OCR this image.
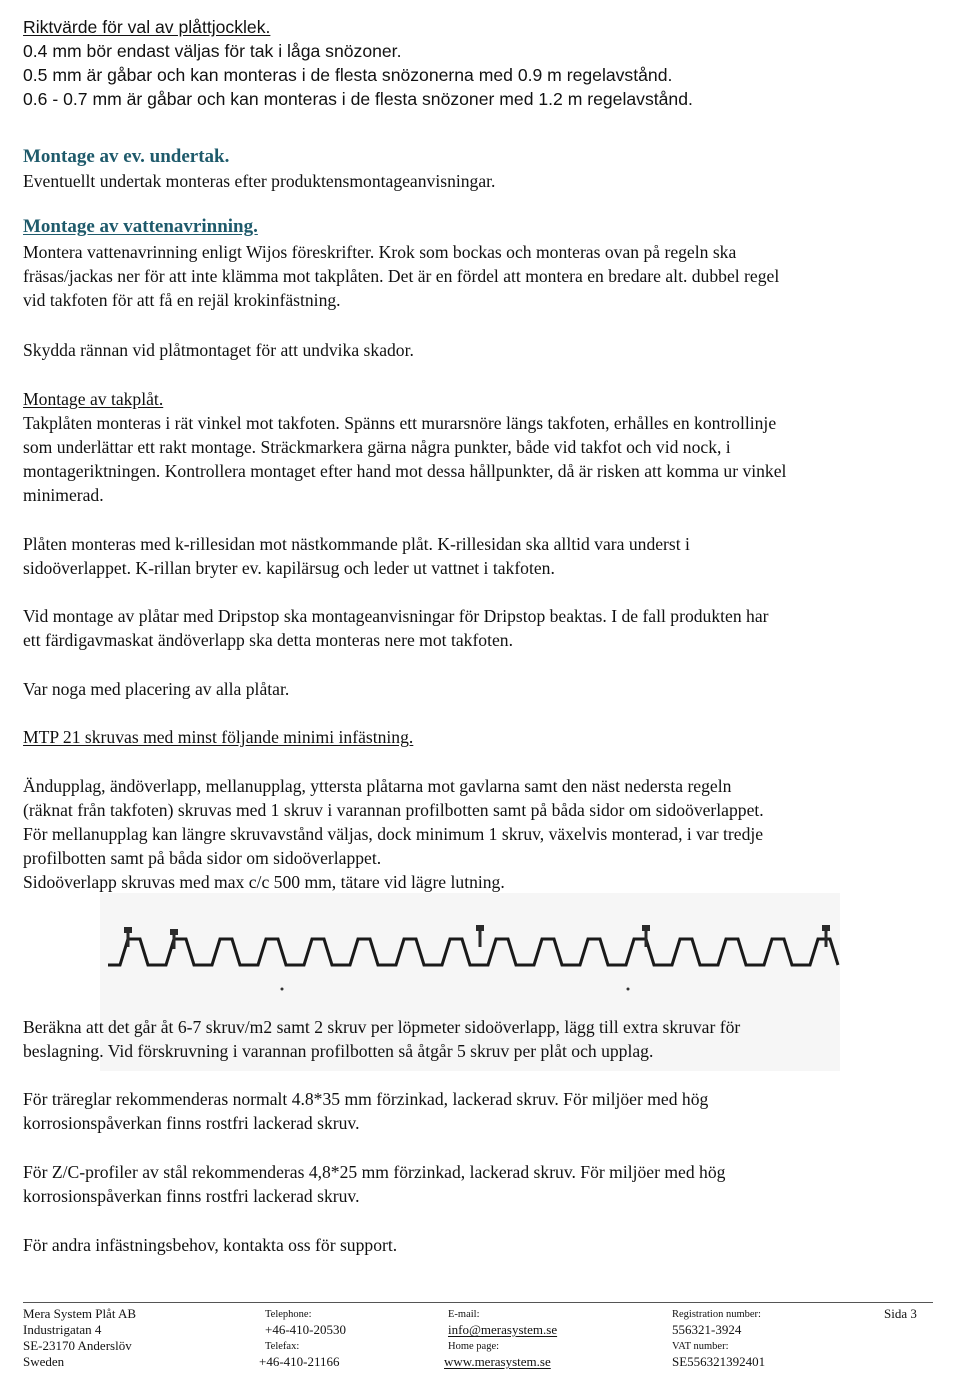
Riktvärde för val av plåttjocklek.
0.4 mm bör endast väljas för tak i låga snözoner.
0.5 mm är gåbar och kan monteras i de flesta snözonerna med 0.9 m regelavstånd.
0.6 - 0.7 mm är gåbar och kan monteras i de flesta snözoner med 1.2 m regelavstånd.
Montage av ev. undertak.
Eventuellt undertak monteras efter produktensmontageanvisningar.
Montage av vattenavrinning.
Montera vattenavrinning enligt Wijos föreskrifter. Krok som bockas och monteras ovan på regeln ska
fräsas/jackas ner för att inte klämma mot takplåten. Det är en fördel att montera en bredare alt. dubbel regel
vid takfoten för att få en rejäl krokinfästning.
Skydda rännan vid plåtmontaget för att undvika skador.
Montage av takplåt.
Takplåten monteras i rät vinkel mot takfoten. Spänns ett murarsnöre längs takfoten, erhålles en kontrollinje
som underlättar ett rakt montage. Sträckmarkera gärna några punkter, både vid takfot och vid nock, i
montageriktningen. Kontrollera montaget efter hand mot dessa hållpunkter, då är risken att komma ur vinkel
minimerad.
Plåten monteras med k-rillesidan mot nästkommande plåt. K-rillesidan ska alltid vara underst i
sidoöverlappet. K-rillan bryter ev. kapilärsug och leder ut vattnet i takfoten.
Vid montage av plåtar med Dripstop ska montageanvisningar för Dripstop beaktas. I de fall produkten har
ett färdigavmaskat ändöverlapp ska detta monteras nere mot takfoten.
Var noga med placering av alla plåtar.
MTP 21 skruvas med minst följande minimi infästning.
Ändupplag, ändöverlapp, mellanupplag, yttersta plåtarna mot gavlarna samt den näst nedersta regeln
(räknat från takfoten) skruvas med 1 skruv i varannan profilbotten samt på båda sidor om sidoöverlappet.
För mellanupplag kan längre skruvavstånd väljas, dock minimum 1 skruv, växelvis monterad, i var tredje
profilbotten samt på båda sidor om sidoöverlappet.
Sidoöverlapp skruvas med max c/c 500 mm, tätare vid lägre lutning.
Beräkna att det går åt 6-7 skruv/m2 samt 2 skruv per löpmeter sidoöverlapp, lägg till extra skruvar för
beslagning. Vid förskruvning i varannan profilbotten så åtgår 5 skruv per plåt och upplag.
För träreglar rekommenderas normalt 4.8*35 mm förzinkad, lackerad skruv. För miljöer med hög
korrosionspåverkan finns rostfri lackerad skruv.
För Z/C-profiler av stål rekommenderas 4,8*25 mm förzinkad, lackerad skruv. För miljöer med hög
korrosionspåverkan finns rostfri lackerad skruv.
För andra infästningsbehov, kontakta oss för support.
Mera System Plåt AB
Industrigatan 4
SE-23170 Anderslöv
Sweden
Telephone:
+46-410-20530
Telefax:
+46-410-21166
E-mail:
info@merasystem.se
Home page:
www.merasystem.se
Registration number:
556321-3924
VAT number:
SE556321392401
Sida 3
